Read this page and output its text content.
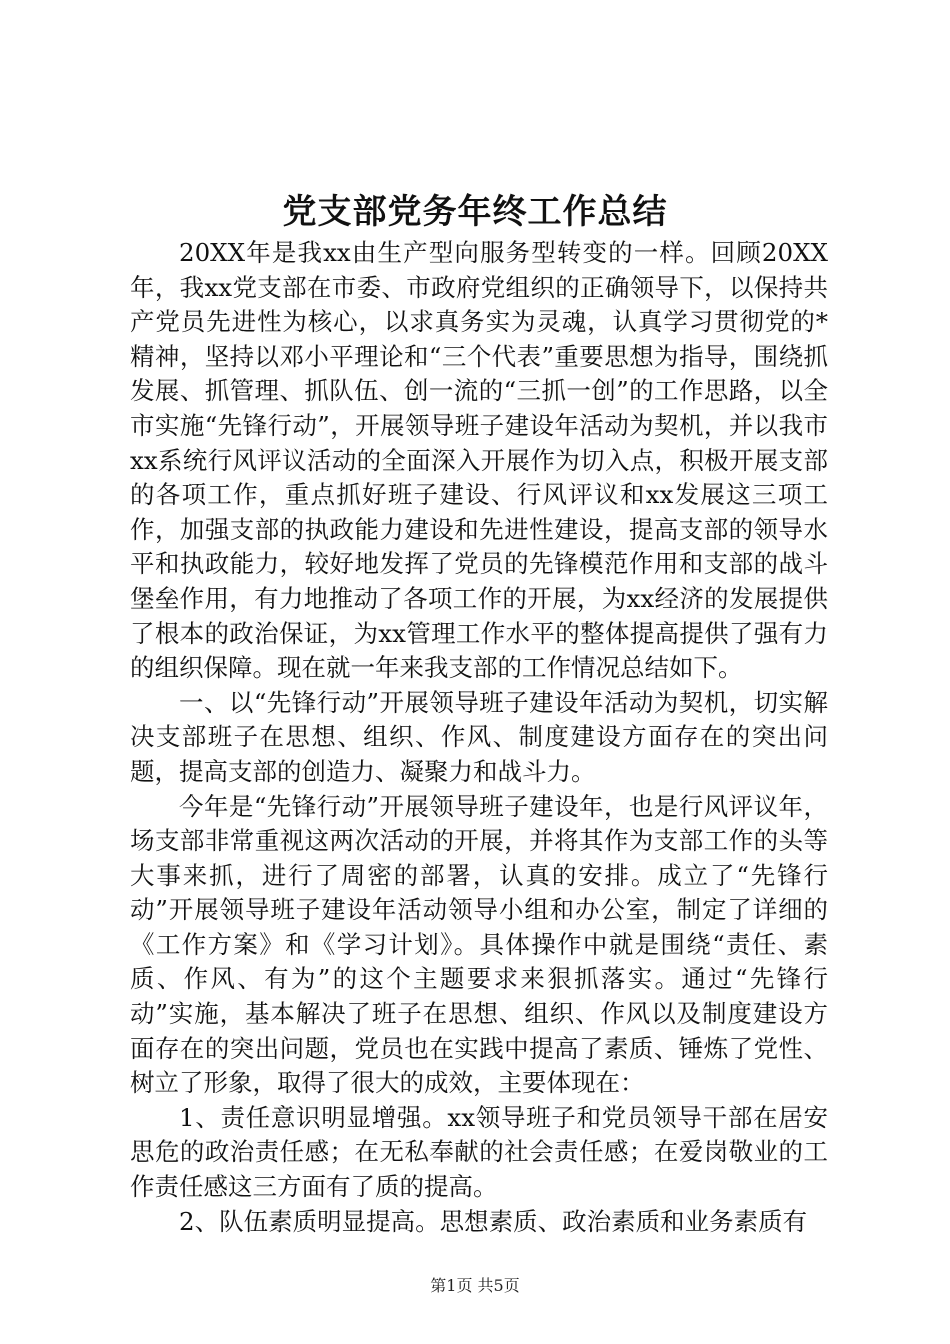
党支部党务年终工作总结

20XX年是我xx由生产型向服务型转变的一样。回顾20XX年，我xx党支部在市委、市政府党组织的正确领导下，以保持共产党员先进性为核心，以求真务实为灵魂，认真学习贯彻党的*精神，坚持以邓小平理论和“三个代表”重要思想为指导，围绕抓发展、抓管理、抓队伍、创一流的“三抓一创”的工作思路，以全市实施“先锋行动”，开展领导班子建设年活动为契机，并以我市xx系统行风评议活动的全面深入开展作为切入点，积极开展支部的各项工作，重点抓好班子建设、行风评议和xx发展这三项工作，加强支部的执政能力建设和先进性建设，提高支部的领导水平和执政能力，较好地发挥了党员的先锋模范作用和支部的战斗堡垒作用，有力地推动了各项工作的开展，为xx经济的发展提供了根本的政治保证，为xx管理工作水平的整体提高提供了强有力的组织保障。现在就一年来我支部的工作情况总结如下。

一、以“先锋行动”开展领导班子建设年活动为契机，切实解决支部班子在思想、组织、作风、制度建设方面存在的突出问题，提高支部的创造力、凝聚力和战斗力。

今年是“先锋行动”开展领导班子建设年，也是行风评议年，场支部非常重视这两次活动的开展，并将其作为支部工作的头等大事来抓，进行了周密的部署，认真的安排。成立了“先锋行动”开展领导班子建设年活动领导小组和办公室，制定了详细的《工作方案》和《学习计划》。具体操作中就是围绕“责任、素质、作风、有为”的这个主题要求来狠抓落实。通过“先锋行动”实施，基本解决了班子在思想、组织、作风以及制度建设方面存在的突出问题，党员也在实践中提高了素质、锤炼了党性、树立了形象，取得了很大的成效，主要体现在：

1、责任意识明显增强。xx领导班子和党员领导干部在居安思危的政治责任感；在无私奉献的社会责任感；在爱岗敬业的工作责任感这三方面有了质的提高。

2、队伍素质明显提高。思想素质、政治素质和业务素质有

第1页 共5页
